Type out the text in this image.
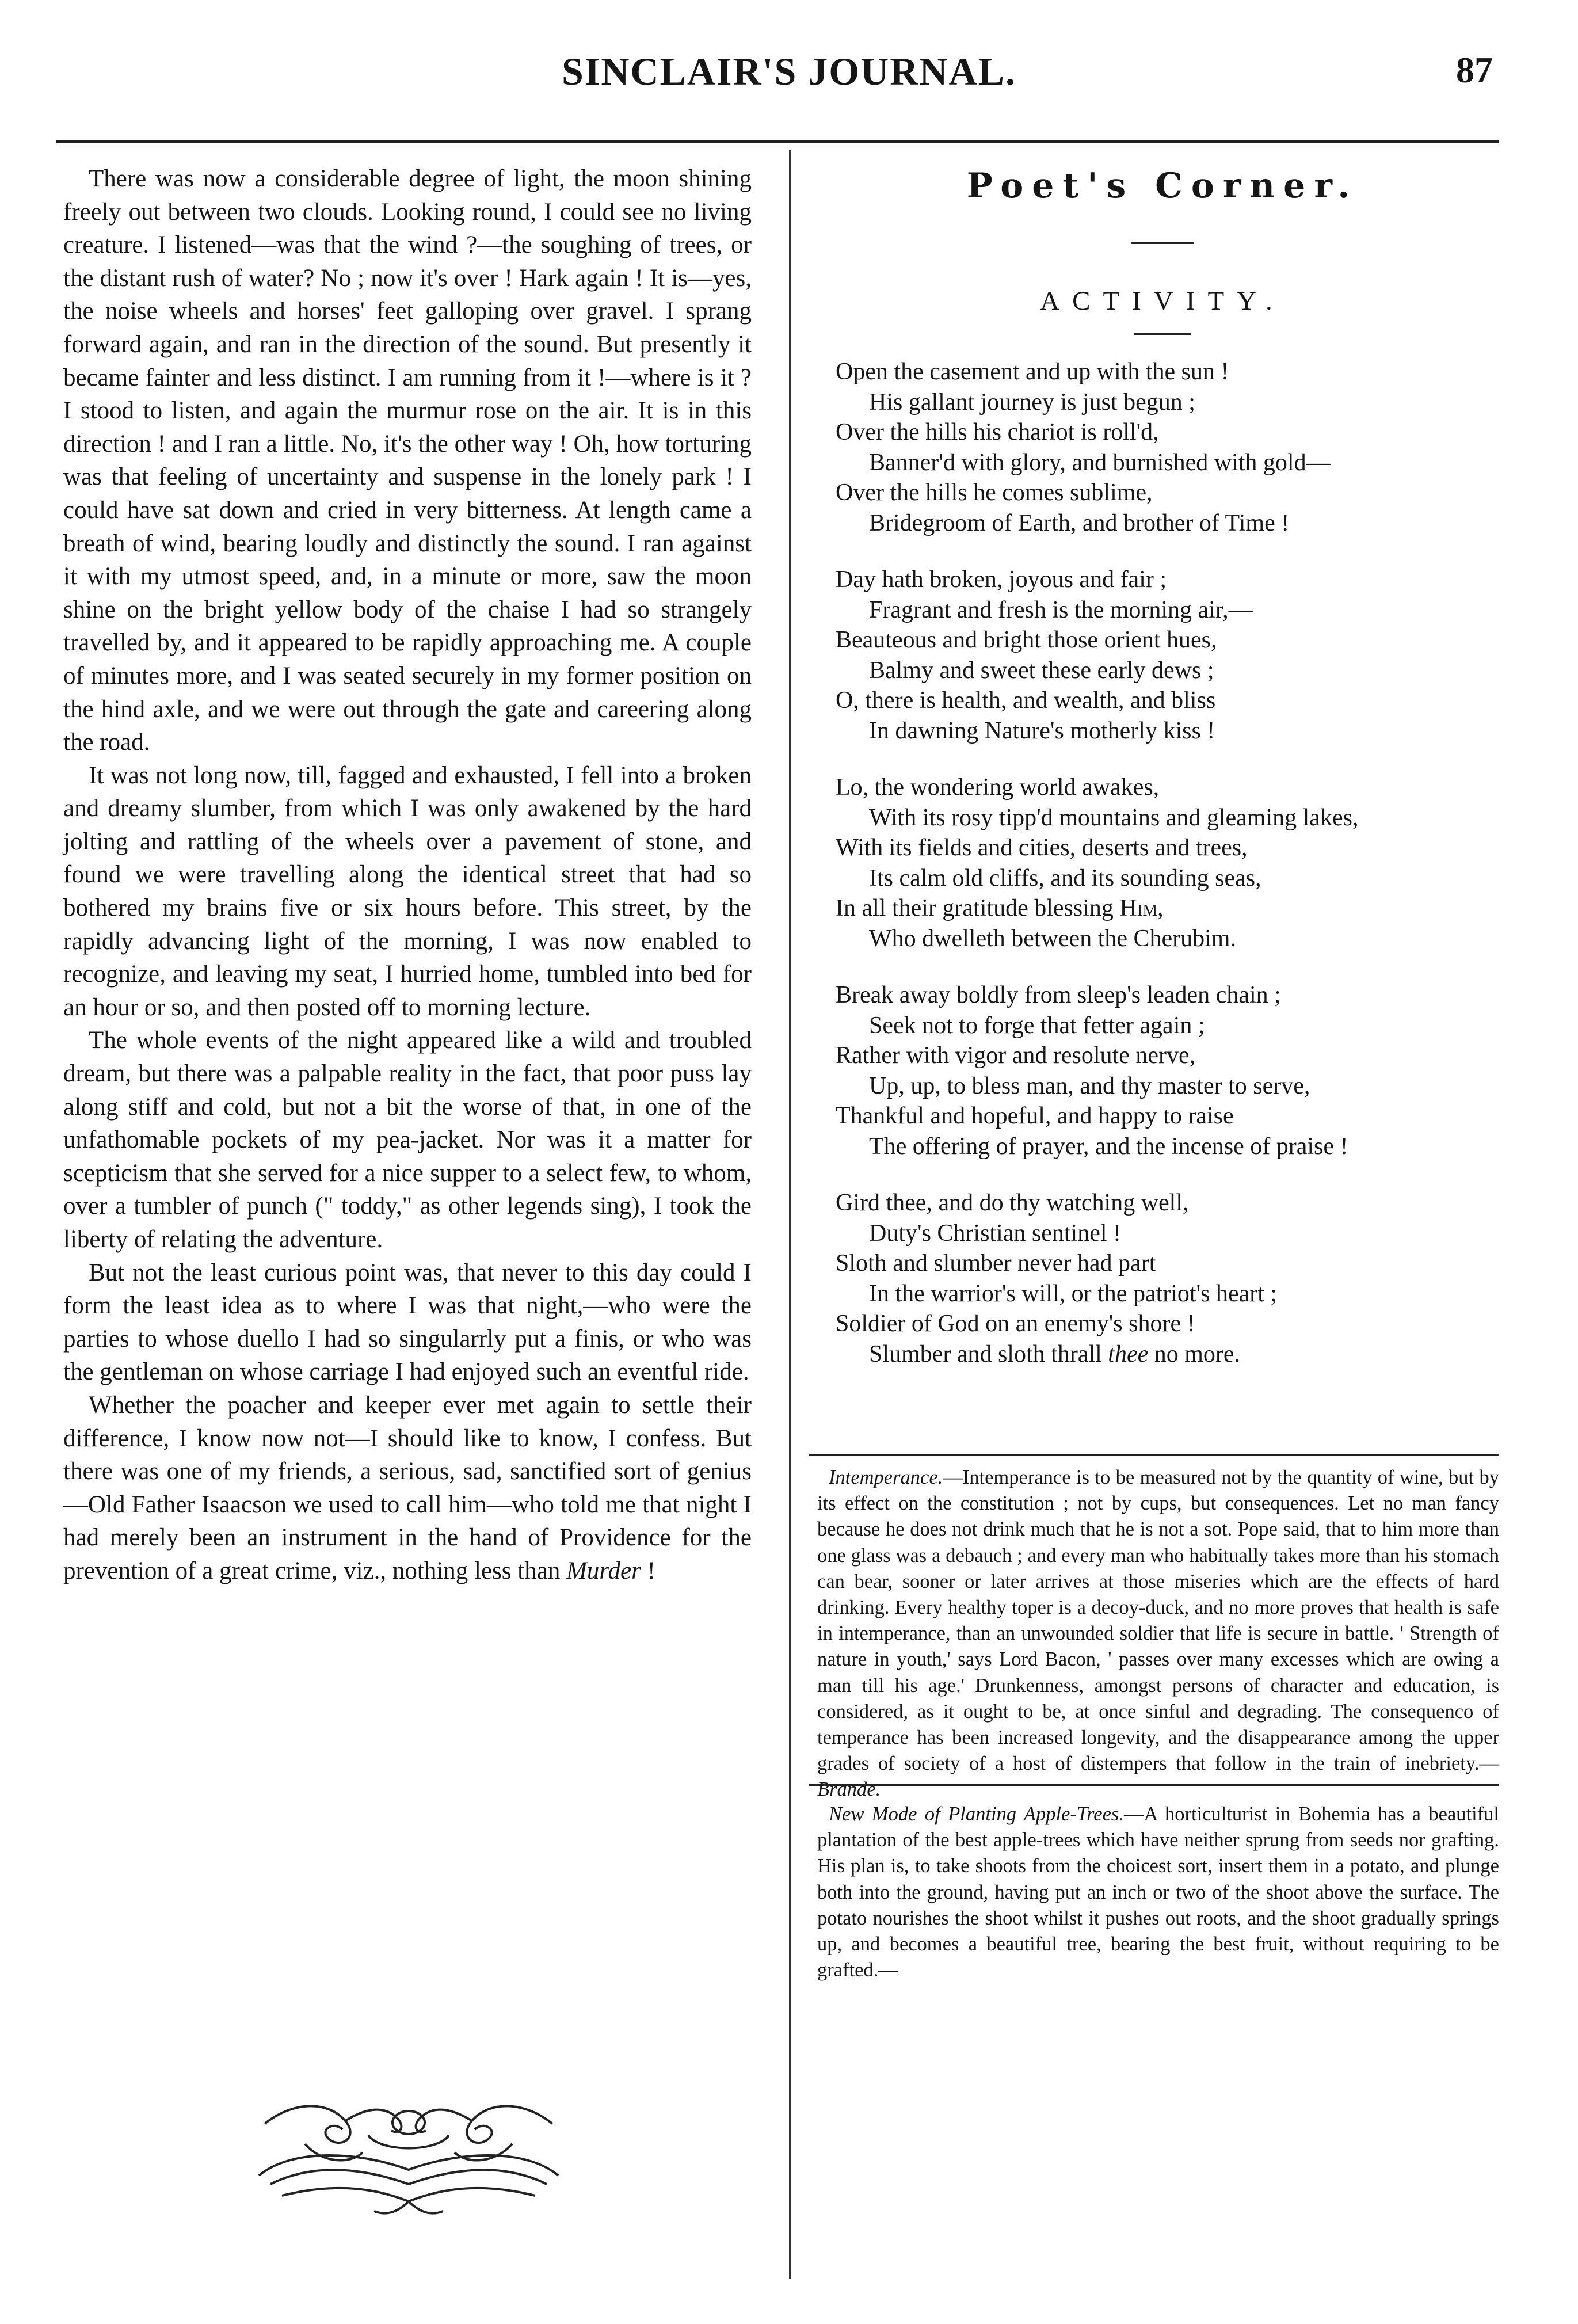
SINCLAIR'S JOURNAL.	87

There was now a considerable degree of light, the moon shining freely out between two clouds. Looking round, I could see no living creature. I listened—was that the wind ?—the soughing of trees, or the distant rush of water? No ; now it's over ! Hark again ! It is—yes, the noise wheels and horses' feet galloping over gravel. I sprang forward again, and ran in the direction of the sound. But presently it became fainter and less distinct. I am running from it !—where is it ? I stood to listen, and again the murmur rose on the air. It is in this direction ! and I ran a little. No, it's the other way ! Oh, how torturing was that feeling of uncertainty and suspense in the lonely park ! I could have sat down and cried in very bitterness. At length came a breath of wind, bearing loudly and distinctly the sound. I ran against it with my utmost speed, and, in a minute or more, saw the moon shine on the bright yellow body of the chaise I had so strangely travelled by, and it appeared to be rapidly approaching me. A couple of minutes more, and I was seated securely in my former position on the hind axle, and we were out through the gate and careering along the road.

It was not long now, till, fagged and exhausted, I fell into a broken and dreamy slumber, from which I was only awakened by the hard jolting and rattling of the wheels over a pavement of stone, and found we were travelling along the identical street that had so bothered my brains five or six hours before. This street, by the rapidly advancing light of the morning, I was now enabled to recognize, and leaving my seat, I hurried home, tumbled into bed for an hour or so, and then posted off to morning lecture.

The whole events of the night appeared like a wild and troubled dream, but there was a palpable reality in the fact, that poor puss lay along stiff and cold, but not a bit the worse of that, in one of the unfathomable pockets of my pea-jacket. Nor was it a matter for scepticism that she served for a nice supper to a select few, to whom, over a tumbler of punch (" toddy," as other legends sing), I took the liberty of relating the adventure.

But not the least curious point was, that never to this day could I form the least idea as to where I was that night,—who were the parties to whose duello I had so singularrly put a finis, or who was the gentleman on whose carriage I had enjoyed such an eventful ride.

Whether the poacher and keeper ever met again to settle their difference, I know now not—I should like to know, I confess. But there was one of my friends, a serious, sad, sanctified sort of genius—Old Father Isaacson we used to call him—who told me that night I had merely been an instrument in the hand of Providence for the prevention of a great crime, viz., nothing less than Murder !

Poet's Corner.
ACTIVITY.
Open the casement and up with the sun !
His gallant journey is just begun ;
Over the hills his chariot is roll'd,
Banner'd with glory, and burnished with gold—
Over the hills he comes sublime,
Bridegroom of Earth, and brother of Time !
Day hath broken, joyous and fair ;
Fragrant and fresh is the morning air,—
Beauteous and bright those orient hues,
Balmy and sweet these early dews ;
O, there is health, and wealth, and bliss
In dawning Nature's motherly kiss !
Lo, the wondering world awakes,
With its rosy tipp'd mountains and gleaming lakes,
With its fields and cities, deserts and trees,
Its calm old cliffs, and its sounding seas,
In all their gratitude blessing Him,
Who dwelleth between the Cherubim.
Break away boldly from sleep's leaden chain ;
Seek not to forge that fetter again ;
Rather with vigor and resolute nerve,
Up, up, to bless man, and thy master to serve,
Thankful and hopeful, and happy to raise
The offering of prayer, and the incense of praise !
Gird thee, and do thy watching well,
Duty's Christian sentinel !
Sloth and slumber never had part
In the warrior's will, or the patriot's heart ;
Soldier of God on an enemy's shore !
Slumber and sloth thrall thee no more.

Intemperance.—Intemperance is to be measured not by the quantity of wine, but by its effect on the constitution ; not by cups, but consequences. Let no man fancy because he does not drink much that he is not a sot. Pope said, that to him more than one glass was a debauch ; and every man who habitually takes more than his stomach can bear, sooner or later arrives at those miseries which are the effects of hard drinking. Every healthy toper is a decoy-duck, and no more proves that health is safe in intemperance, than an unwounded soldier that life is secure in battle. ' Strength of nature in youth,' says Lord Bacon, ' passes over many excesses which are owing a man till his age.' Drunkenness, amongst persons of character and education, is considered, as it ought to be, at once sinful and degrading. The consequenco of temperance has been increased longevity, and the disappearance among the upper grades of society of a host of distempers that follow in the train of inebriety.—Brande.

New Mode of Planting Apple-Trees.—A horticulturist in Bohemia has a beautiful plantation of the best apple-trees which have neither sprung from seeds nor grafting. His plan is, to take shoots from the choicest sort, insert them in a potato, and plunge both into the ground, having put an inch or two of the shoot above the surface. The potato nourishes the shoot whilst it pushes out roots, and the shoot gradually springs up, and becomes a beautiful tree, bearing the best fruit, without requiring to be grafted.—
